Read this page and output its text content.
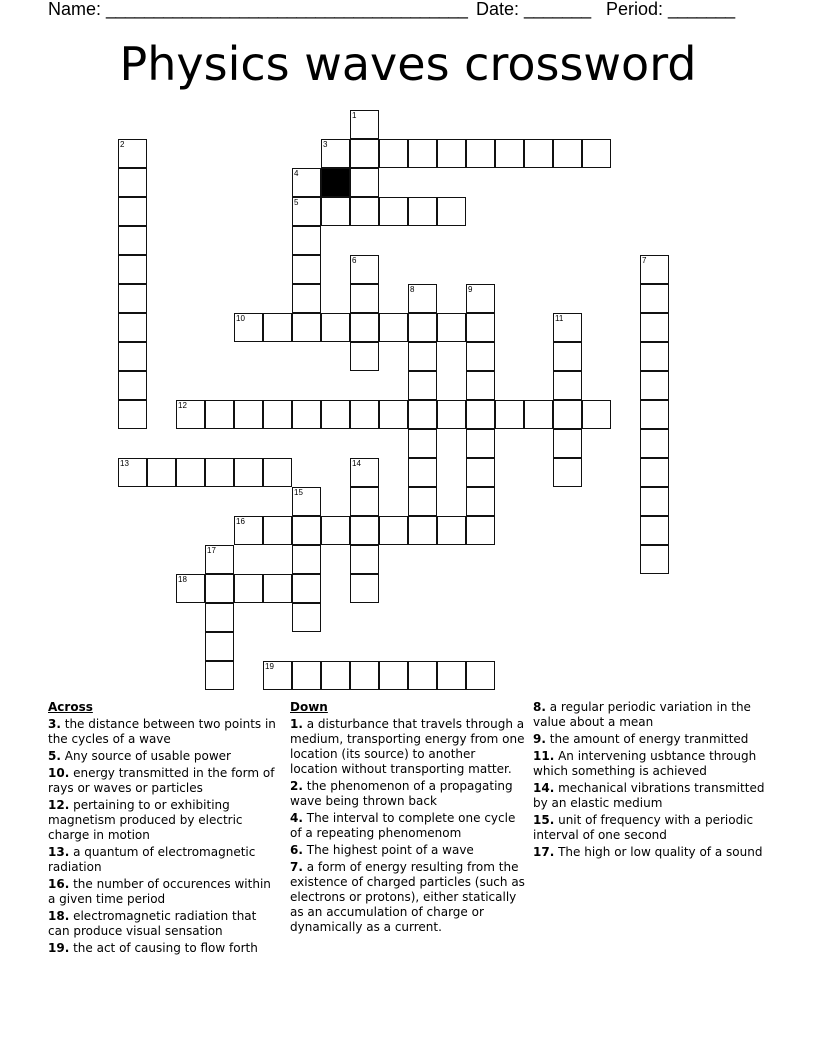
Name: ______________________________________

Date: _______

Period: _______

Physics waves crossword
1
2	3
4
5
6	7
8	9
10	11
12
13	14
15
16
17
18
19
Across
3. the distance between two points in the cycles of a wave
5. Any source of usable power
10. energy transmitted in the form of rays or waves or particles
12. pertaining to or exhibiting magnetism produced by electric charge in motion
13. a quantum of electromagnetic radiation
16. the number of occurences within a given time period
18. electromagnetic radiation that can produce visual sensation
19. the act of causing to flow forth
Down
1. a disturbance that travels through a medium, transporting energy from one location (its source) to another location without transporting matter.
2. the phenomenon of a propagating wave being thrown back
4. The interval to complete one cycle of a repeating phenomenom
6. The highest point of a wave
7. a form of energy resulting from the existence of charged particles (such as electrons or protons), either statically as an accumulation of charge or dynamically as a current.
8. a regular periodic variation in the value about a mean
9. the amount of energy tranmitted
11. An intervening usbtance through which something is achieved
14. mechanical vibrations transmitted by an elastic medium
15. unit of frequency with a periodic interval of one second
17. The high or low quality of a sound
